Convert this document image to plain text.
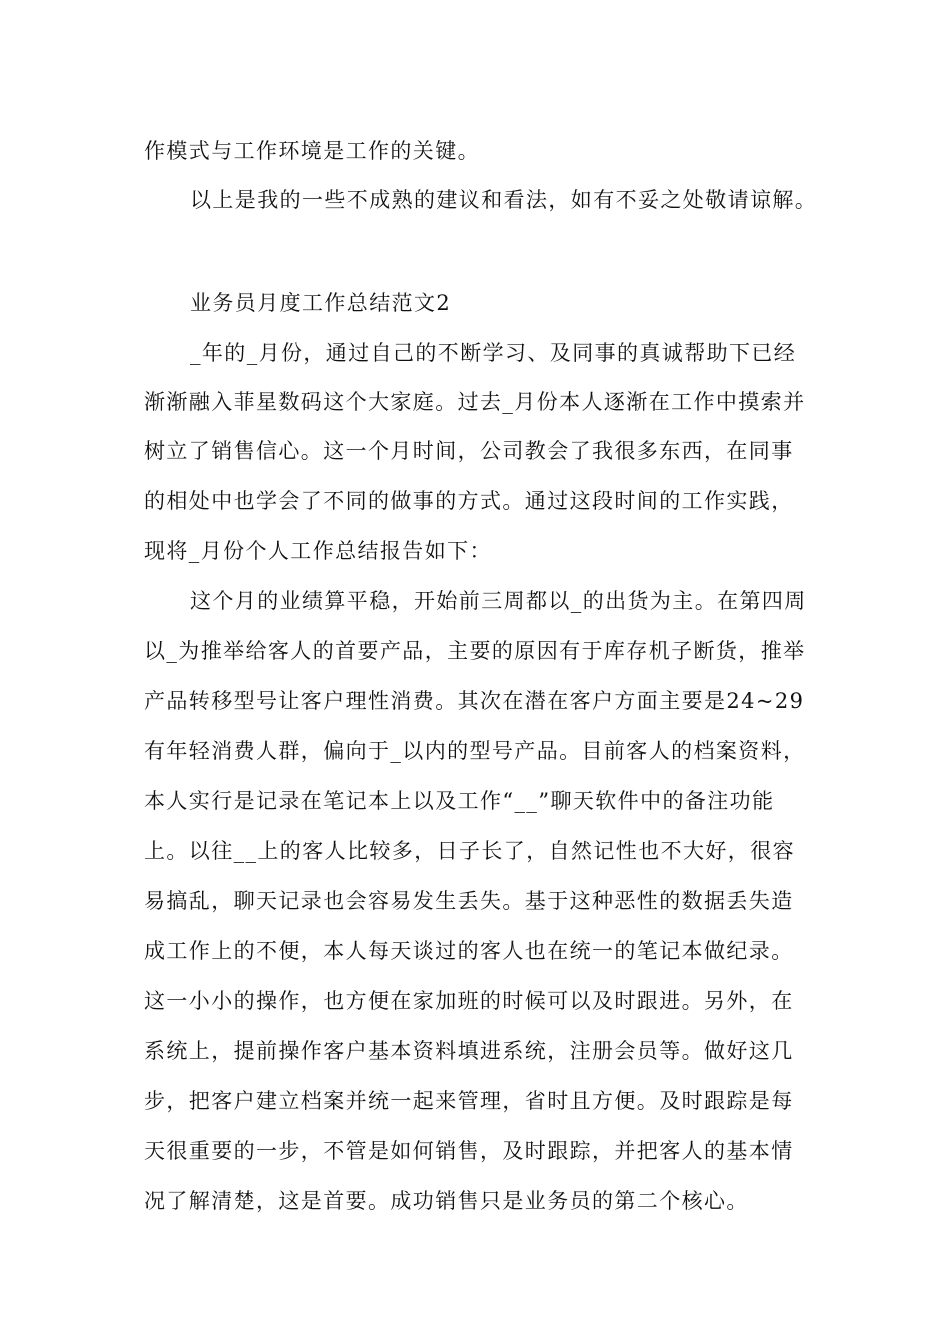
作模式与工作环境是工作的关键。
以上是我的一些不成熟的建议和看法，如有不妥之处敬请谅解。
业务员月度工作总结范文2
_年的_月份，通过自己的不断学习、及同事的真诚帮助下已经
渐渐融入菲星数码这个大家庭。过去_月份本人逐渐在工作中摸索并
树立了销售信心。这一个月时间，公司教会了我很多东西，在同事
的相处中也学会了不同的做事的方式。通过这段时间的工作实践，
现将_月份个人工作总结报告如下：
这个月的业绩算平稳，开始前三周都以_的出货为主。在第四周
以_为推举给客人的首要产品，主要的原因有于库存机子断货，推举
产品转移型号让客户理性消费。其次在潜在客户方面主要是24~29
有年轻消费人群，偏向于_以内的型号产品。目前客人的档案资料，
本人实行是记录在笔记本上以及工作“__”聊天软件中的备注功能
上。以往__上的客人比较多，日子长了，自然记性也不大好，很容
易搞乱，聊天记录也会容易发生丢失。基于这种恶性的数据丢失造
成工作上的不便，本人每天谈过的客人也在统一的笔记本做纪录。
这一小小的操作，也方便在家加班的时候可以及时跟进。另外，在
系统上，提前操作客户基本资料填进系统，注册会员等。做好这几
步，把客户建立档案并统一起来管理，省时且方便。及时跟踪是每
天很重要的一步，不管是如何销售，及时跟踪，并把客人的基本情
况了解清楚，这是首要。成功销售只是业务员的第二个核心。
